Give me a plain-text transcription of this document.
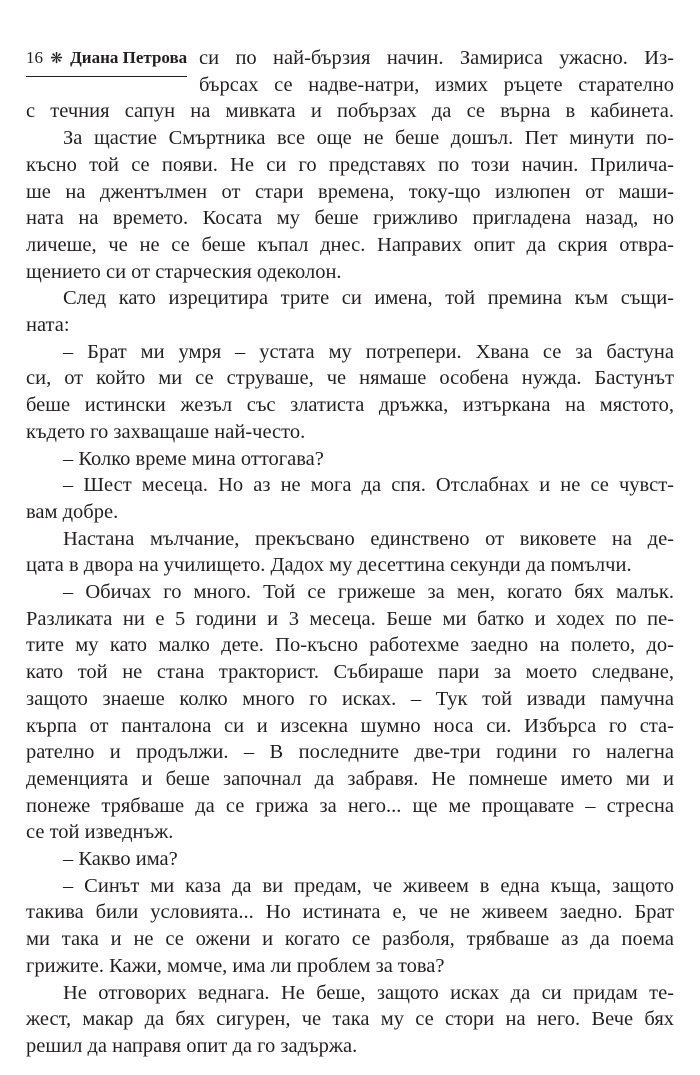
16 ❋ Диана Петрова си по най-бързия начин. Замириса ужасно. Из-
бърсах се надве-натри, измих ръцете старателно
с течния сапун на мивката и побързах да се върна в кабинета.
За щастие Смъртника все още не беше дошъл. Пет минути по-
късно той се появи. Не си го представях по този начин. Прилича-
ше на джентълмен от стари времена, току-що излюпен от маши-
ната на времето. Косата му беше грижливо пригладена назад, но
личеше, че не се беше къпал днес. Направих опит да скрия отвра-
щението си от старческия одеколон.
След като изрецитира трите си имена, той премина към същи-
ната:
– Брат ми умря – устата му потрепери. Хвана се за бастуна
си, от който ми се струваше, че нямаше особена нужда. Бастунът
беше истински жезъл със златиста дръжка, изтъркана на мястото,
където го захващаше най-често.
– Колко време мина оттогава?
– Шест месеца. Но аз не мога да спя. Отслабнах и не се чувст-
вам добре.
Настана мълчание, прекъсвано единствено от виковете на де-
цата в двора на училището. Дадох му десеттина секунди да помълчи.
– Обичах го много. Той се грижеше за мен, когато бях малък.
Разликата ни е 5 години и 3 месеца. Беше ми батко и ходех по пе-
тите му като малко дете. По-късно работехме заедно на полето, до-
като той не стана тракторист. Събираше пари за моето следване,
защото знаеше колко много го исках. – Тук той извади памучна
кърпа от панталона си и изсекна шумно носа си. Избърса го ста-
рателно и продължи. – В последните две-три години го налегна
деменцията и беше започнал да забравя. Не помнеше името ми и
понеже трябваше да се грижа за него... ще ме прощавате – стресна
се той изведнъж.
– Какво има?
– Синът ми каза да ви предам, че живеем в една къща, защото
такива били условията... Но истината е, че не живеем заедно. Брат
ми така и не се ожени и когато се разболя, трябваше аз да поема
грижите. Кажи, момче, има ли проблем за това?
Не отговорих веднага. Не беше, защото исках да си придам те-
жест, макар да бях сигурен, че така му се стори на него. Вече бях
решил да направя опит да го задържа.
